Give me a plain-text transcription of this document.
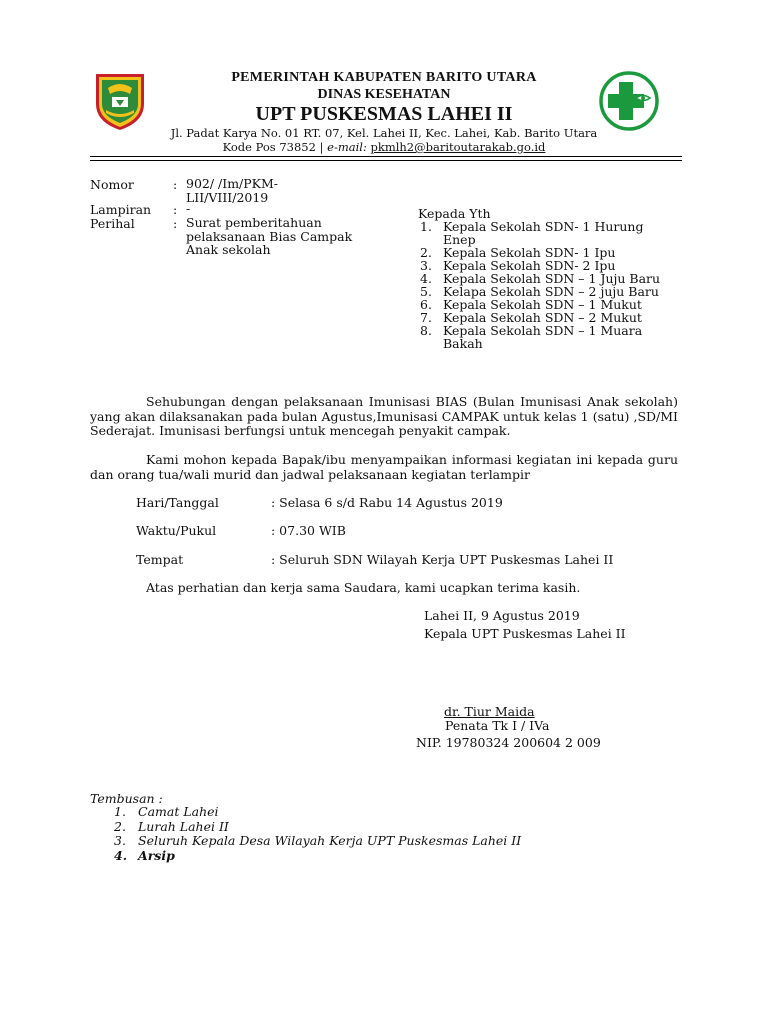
PEMERINTAH KABUPATEN BARITO UTARA
DINAS KESEHATAN
UPT PUSKESMAS LAHEI II
Jl. Padat Karya No. 01 RT. 07, Kel. Lahei II, Kec. Lahei, Kab. Barito Utara
Kode Pos 73852 | e-mail: pkmlh2@baritoutarakab.go.id
Nomor	: 902/ /Im/PKM-LII/VIII/2019
Lampiran : -
Perihal	: Surat pemberitahuan pelaksanaan Bias Campak Anak sekolah
Kepada Yth
1. Kepala Sekolah SDN- 1 Hurung Enep
2. Kepala Sekolah SDN- 1 Ipu
3. Kepala Sekolah SDN- 2 Ipu
4. Kepala Sekolah SDN – 1 Juju Baru
5. Kelapa Sekolah SDN – 2 juju Baru
6. Kepala Sekolah SDN – 1 Mukut
7. Kepala Sekolah SDN – 2 Mukut
8. Kepala Sekolah SDN – 1 Muara Bakah
Sehubungan dengan pelaksanaan Imunisasi BIAS (Bulan Imunisasi Anak sekolah) yang akan dilaksanakan pada bulan Agustus,Imunisasi CAMPAK untuk kelas 1 (satu) ,SD/MI Sederajat. Imunisasi berfungsi untuk mencegah penyakit campak.
Kami mohon kepada Bapak/ibu menyampaikan informasi kegiatan ini kepada guru dan orang tua/wali murid dan jadwal pelaksanaan kegiatan terlampir
Hari/Tanggal	: Selasa 6 s/d Rabu 14 Agustus 2019
Waktu/Pukul	: 07.30 WIB
Tempat	: Seluruh SDN Wilayah Kerja UPT Puskesmas Lahei II
Atas perhatian dan kerja sama Saudara, kami ucapkan terima kasih.
Lahei II, 9 Agustus 2019
Kepala UPT Puskesmas Lahei II
dr. Tiur Maida
Penata Tk I / IVa
NIP. 19780324 200604 2 009
Tembusan :
1. Camat Lahei
2. Lurah Lahei II
3. Seluruh Kepala Desa Wilayah Kerja UPT Puskesmas Lahei II
4. Arsip
